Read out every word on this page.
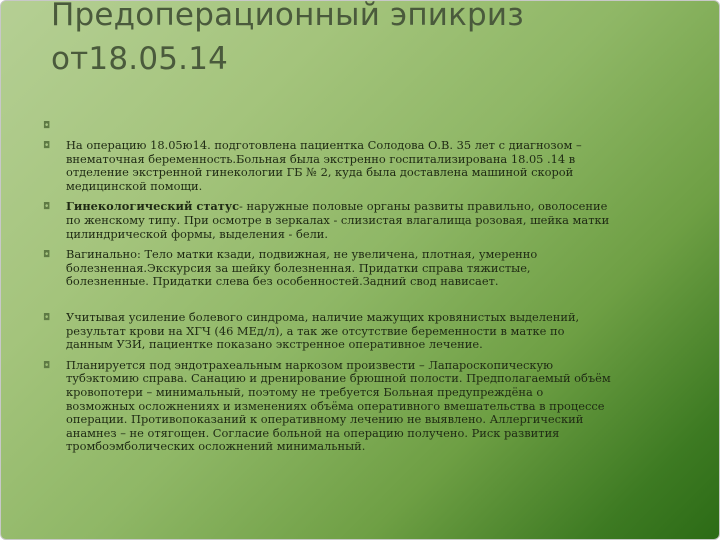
Предоперационный эпикриз
от18.05.14
◘
◘ На операцию 18.05ю14. подготовлена пациентка Солодова О.В. 35 лет с диагнозом – внематочная беременность.Больная была экстренно госпитализирована 18.05 .14 в отделение экстренной гинекологии ГБ № 2, куда была доставлена машиной скорой медицинской помощи.
◘ Гинекологический статус- наружные половые органы развиты правильно, оволосение по женскому типу. При осмотре в зеркалах - слизистая влагалища розовая, шейка матки цилиндрической формы, выделения - бели.
◘ Вагинально: Тело матки кзади, подвижная, не увеличена, плотная, умеренно болезненная.Экскурсия за шейку болезненная. Придатки справа тяжистые, болезненные. Придатки слева без особенностей.Задний свод нависает.
◘ Учитывая усиление болевого синдрома, наличие мажущих кровянистых выделений, результат крови на ХГЧ (46 МЕд/л), а так же отсутствие беременности в матке по данным УЗИ, пациентке показано экстренное оперативное лечение.
◘ Планируется под эндотрахеальным наркозом произвести – Лапароскопическую тубэктомию справа. Санацию и дренирование брюшной полости. Предполагаемый объём кровопотери – минимальный, поэтому не требуется Больная предупреждёна о возможных осложнениях и изменениях объёма оперативного вмешательства в процессе операции. Противопоказаний к оперативному лечению не выявлено. Аллергический анамнез – не отягощен. Согласие больной на операцию получено. Риск развития тромбоэмболических осложнений минимальный.
